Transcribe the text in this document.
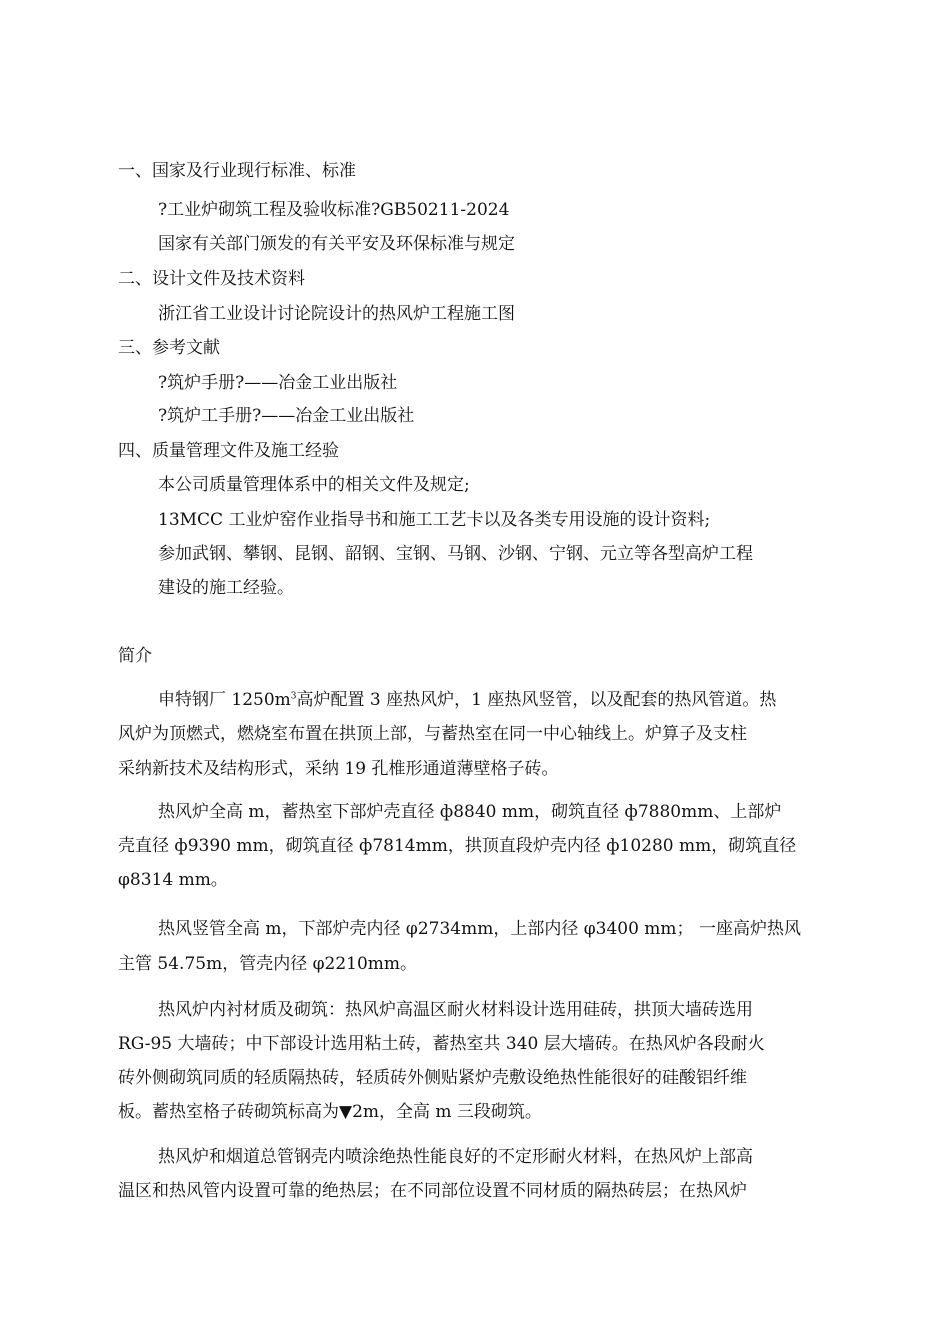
一、国家及行业现行标准、标准

?工业炉砌筑工程及验收标准?GB50211-2024

国家有关部门颁发的有关平安及环保标准与规定

二、设计文件及技术资料

浙江省工业设计讨论院设计的热风炉工程施工图

三、参考文献

?筑炉手册?——冶金工业出版社

?筑炉工手册?——冶金工业出版社

四、质量管理文件及施工经验

本公司质量管理体系中的相关文件及规定;

13MCC 工业炉窑作业指导书和施工工艺卡以及各类专用设施的设计资料;

参加武钢、攀钢、昆钢、韶钢、宝钢、马钢、沙钢、宁钢、元立等各型高炉工程

建设的施工经验。

简介

申特钢厂 $1250m^3$高炉配置 3 座热风炉，1 座热风竖管，以及配套的热风管道。热

风炉为顶燃式，燃烧室布置在拱顶上部，与蓄热室在同一中心轴线上。炉算子及支柱

采纳新技术及结构形式，采纳 19 孔椎形通道薄壁格子砖。

热风炉全高 m，蓄热室下部炉壳直径 ф8840 mm，砌筑直径 ф7880mm、上部炉

壳直径 ф9390 mm，砌筑直径 ф7814mm，拱顶直段炉壳内径 ф10280 mm，砌筑直径

φ8314 mm。

热风竖管全高 m，下部炉壳内径 φ2734mm，上部内径 φ3400 mm； 一座高炉热风

主管 54.75m，管壳内径 φ2210mm。

热风炉内衬材质及砌筑：热风炉高温区耐火材料设计选用硅砖，拱顶大墙砖选用

RG-95 大墙砖；中下部设计选用粘土砖，蓄热室共 340 层大墙砖。在热风炉各段耐火

砖外侧砌筑同质的轻质隔热砖，轻质砖外侧贴紧炉壳敷设绝热性能很好的硅酸铝纤维

板。蓄热室格子砖砌筑标高为▼2m，全高 m 三段砌筑。

热风炉和烟道总管钢壳内喷涂绝热性能良好的不定形耐火材料，在热风炉上部高

温区和热风管内设置可靠的绝热层；在不同部位设置不同材质的隔热砖层；在热风炉
